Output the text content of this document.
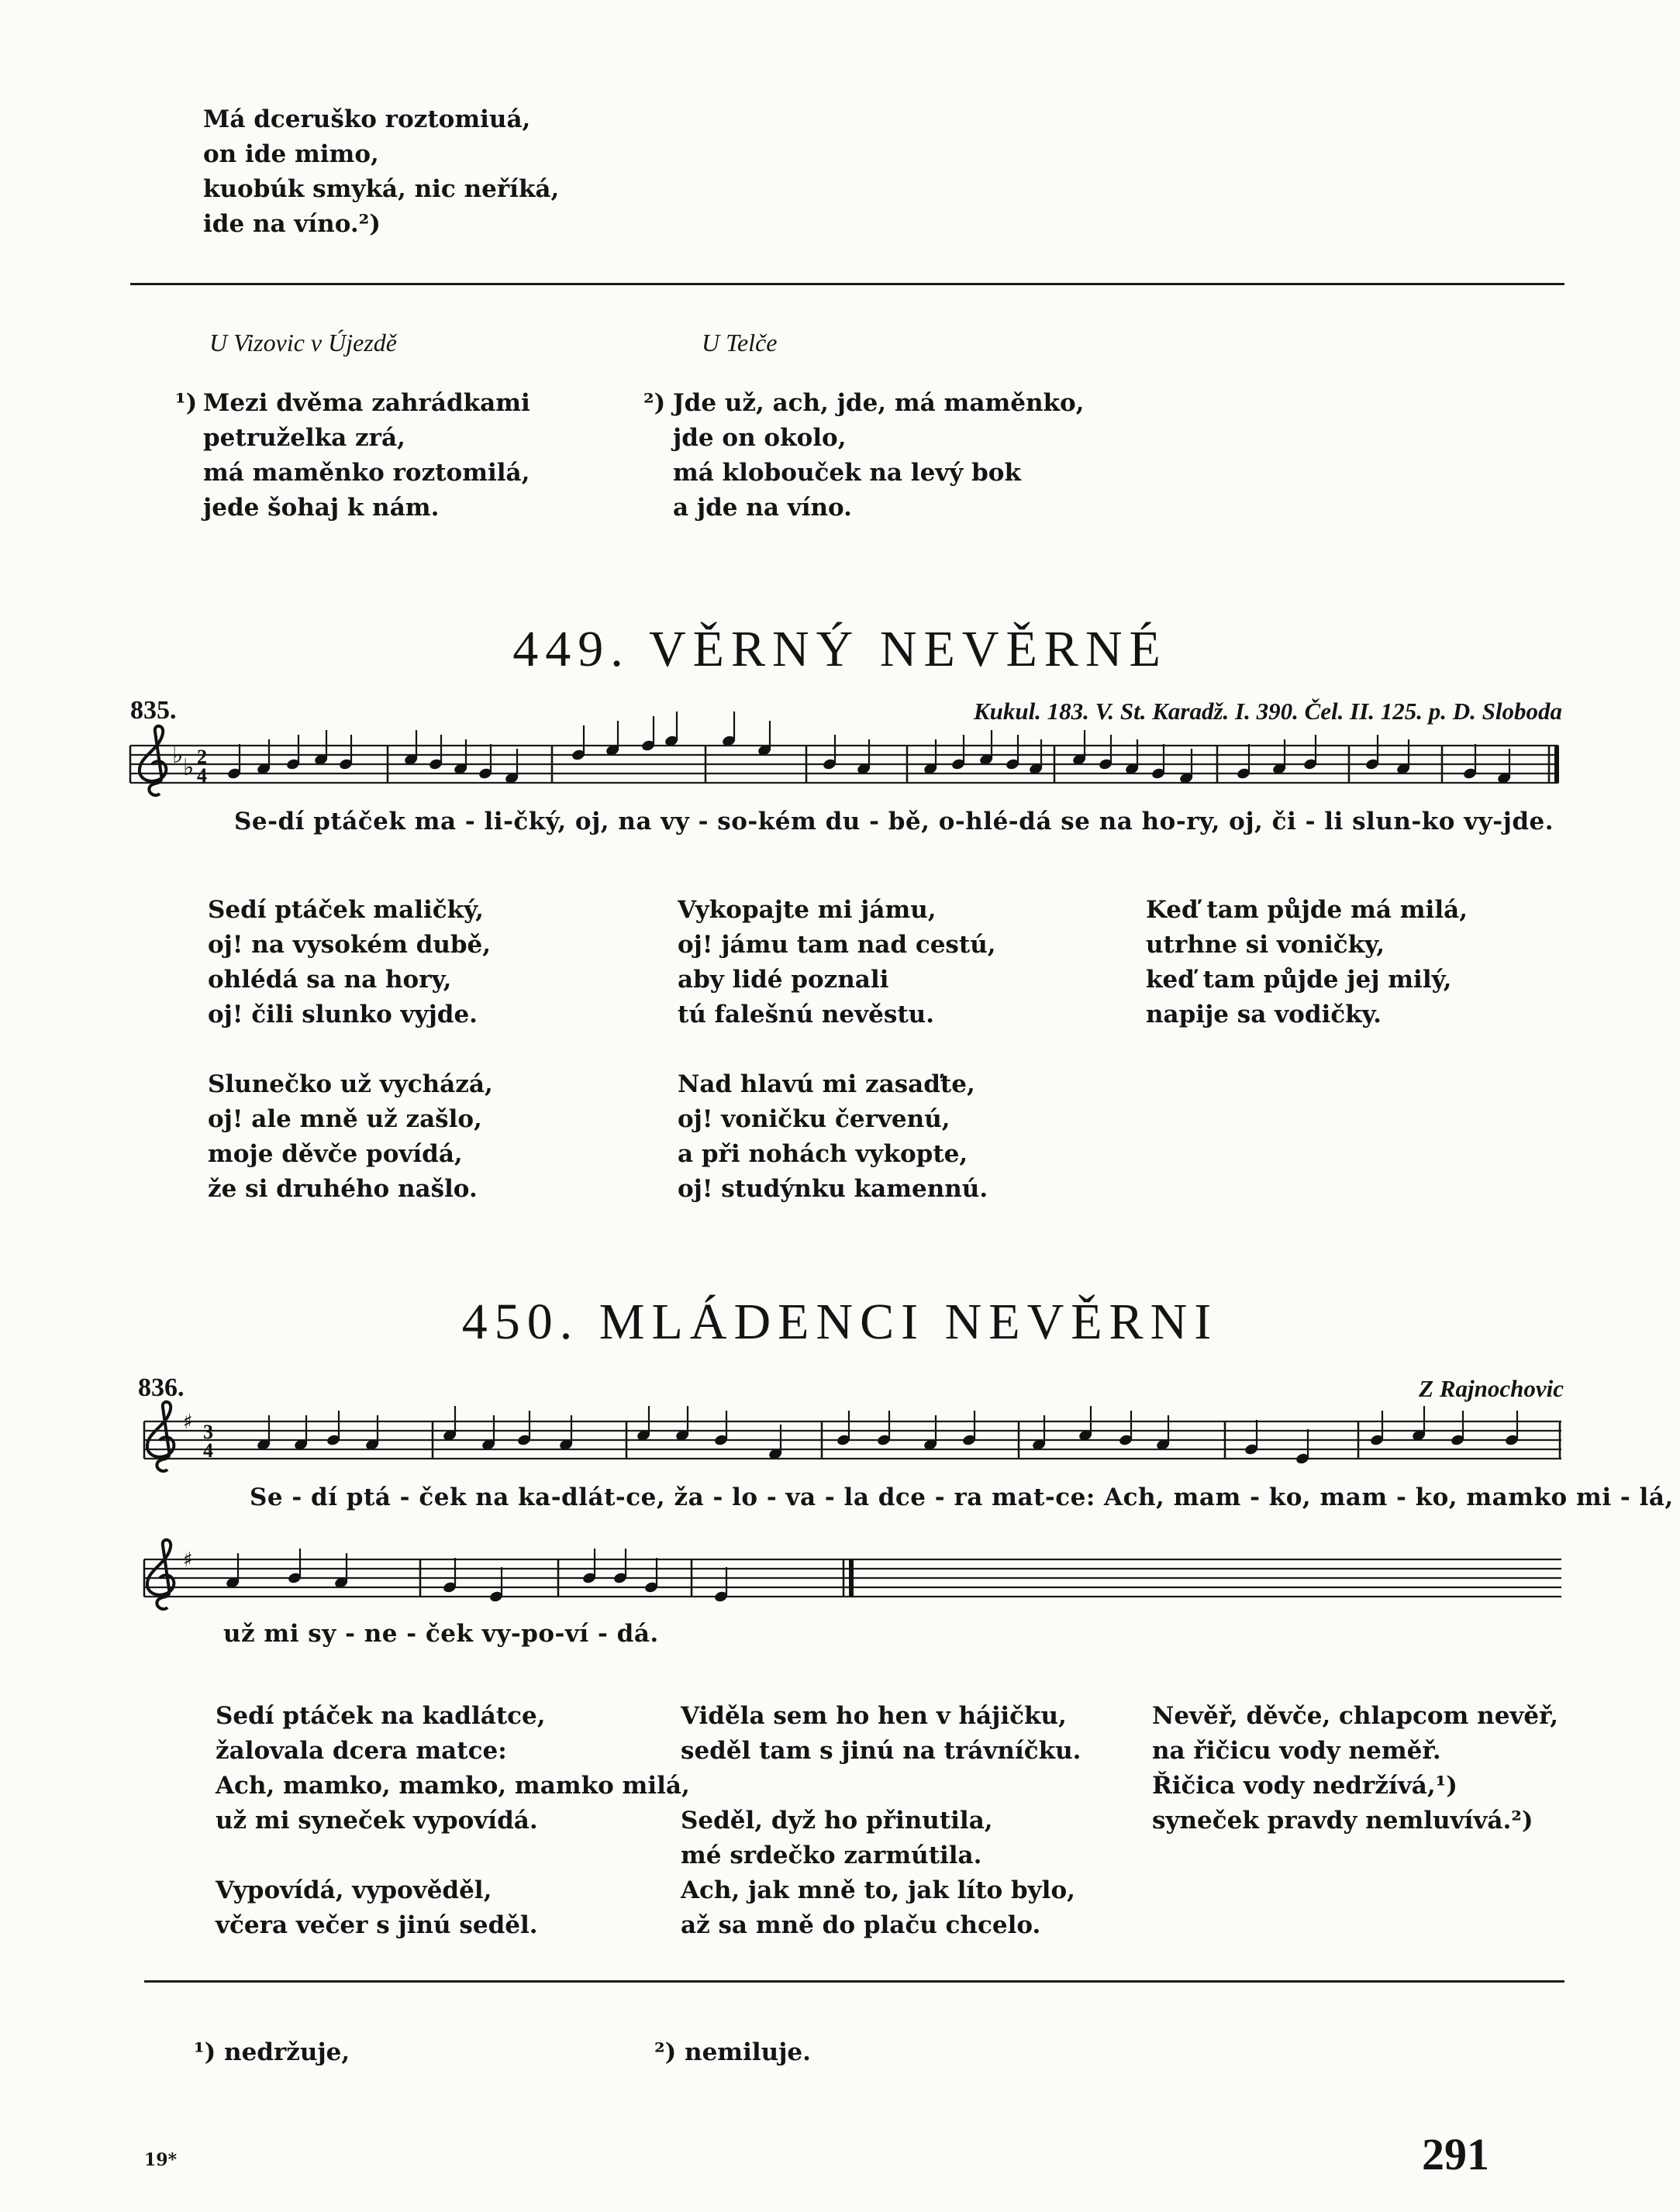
Má dceruško roztomiuá,
on ide mimo,
kuobúk smyká, nic neříká,
ide na víno.²)
U Vizovic v Újezdě	U Telče
¹) Mezi dvěma zahrádkami
petruželka zrá,
má maměnko roztomilá,
jede šohaj k nám.
²) Jde už, ach, jde, má maměnko,
jde on okolo,
má klobouček na levý bok
a jde na víno.
449. VĚRNÝ NEVĚRNÉ
835.	Kukul. 183. V. St. Karadž. I. 390. Čel. II. 125. p. D. Sloboda
♭ ♭ 2
4
♯ 3
4
♯
Se-dí ptáček ma - li-čký, oj, na vy - so-kém du - bě, o-hlé-dá se na ho-ry, oj, či - li slun-ko vy-jde.
Sedí ptáček maličký,
oj! na vysokém dubě,
ohlédá sa na hory,
oj! čili slunko vyjde.
Slunečko už vycházá,
oj! ale mně už zašlo,
moje děvče povídá,
že si druhého našlo.
Vykopajte mi jámu,
oj! jámu tam nad cestú,
aby lidé poznali
tú falešnú nevěstu.
Nad hlavú mi zasaďte,
oj! voničku červenú,
a při nohách vykopte,
oj! studýnku kamennú.
Keď tam půjde má milá,
utrhne si voničky,
keď tam půjde jej milý,
napije sa vodičky.
450. MLÁDENCI NEVĚRNI
836.	Z Rajnochovic
Se - dí ptá - ček na ka-dlát-ce, ža - lo - va - la dce - ra mat-ce: Ach, mam - ko, mam - ko, mamko mi - lá,
už mi sy - ne - ček vy-po-ví - dá.
Sedí ptáček na kadlátce,
žalovala dcera matce:
Ach, mamko, mamko, mamko milá,
už mi syneček vypovídá.
Vypovídá, vypověděl,
včera večer s jinú seděl.
Viděla sem ho hen v hájičku,
seděl tam s jinú na trávníčku.
Seděl, dyž ho přinutila,
mé srdečko zarmútila.
Ach, jak mně to, jak líto bylo,
až sa mně do plaču chcelo.
Nevěř, děvče, chlapcom nevěř,
na řičicu vody neměř.
Řičica vody nedržívá,¹)
syneček pravdy nemluvívá.²)
¹) nedržuje,	²) nemiluje.
19*	291
